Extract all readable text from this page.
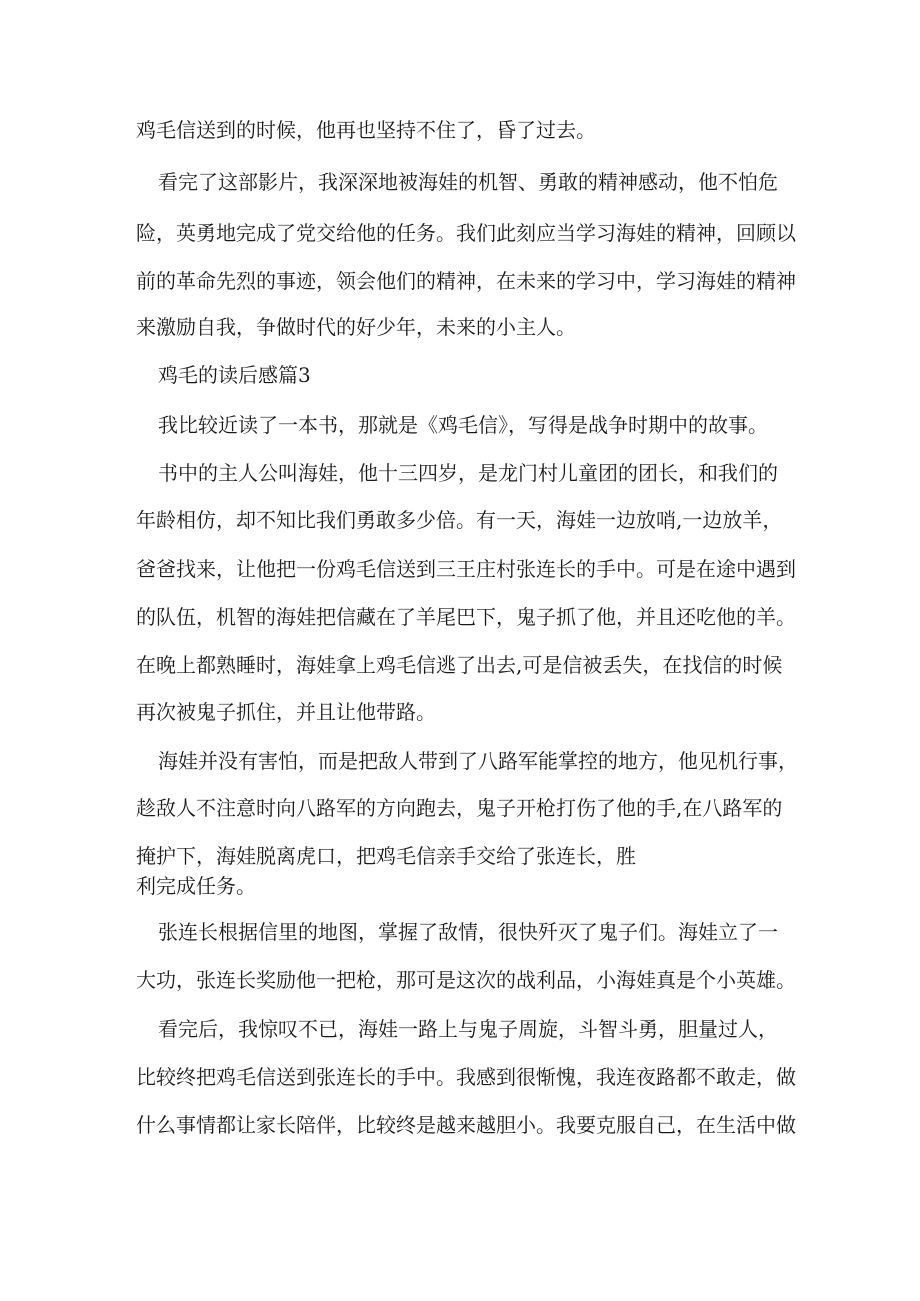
鸡毛信送到的时候，他再也坚持不住了，昏了过去。
看完了这部影片，我深深地被海娃的机智、勇敢的精神感动，他不怕危
险，英勇地完成了党交给他的任务。我们此刻应当学习海娃的精神，回顾以
前的革命先烈的事迹，领会他们的精神，在未来的学习中，学习海娃的精神
来激励自我，争做时代的好少年，未来的小主人。
鸡毛的读后感篇3
我比较近读了一本书，那就是《鸡毛信》，写得是战争时期中的故事。
书中的主人公叫海娃，他十三四岁，是龙门村儿童团的团长，和我们的
年龄相仿，却不知比我们勇敢多少倍。有一天，海娃一边放哨,一边放羊，
爸爸找来，让他把一份鸡毛信送到三王庄村张连长的手中。可是在途中遇到
的队伍，机智的海娃把信藏在了羊尾巴下，鬼子抓了他，并且还吃他的羊。
在晚上都熟睡时，海娃拿上鸡毛信逃了出去,可是信被丢失，在找信的时候
再次被鬼子抓住，并且让他带路。
海娃并没有害怕，而是把敌人带到了八路军能掌控的地方，他见机行事，
趁敌人不注意时向八路军的方向跑去，鬼子开枪打伤了他的手,在八路军的
掩护下，海娃脱离虎口，把鸡毛信亲手交给了张连长，胜
利完成任务。
张连长根据信里的地图，掌握了敌情，很快歼灭了鬼子们。海娃立了一
大功，张连长奖励他一把枪，那可是这次的战利品，小海娃真是个小英雄。
看完后，我惊叹不已，海娃一路上与鬼子周旋，斗智斗勇，胆量过人，
比较终把鸡毛信送到张连长的手中。我感到很惭愧，我连夜路都不敢走，做
什么事情都让家长陪伴，比较终是越来越胆小。我要克服自己，在生活中做
